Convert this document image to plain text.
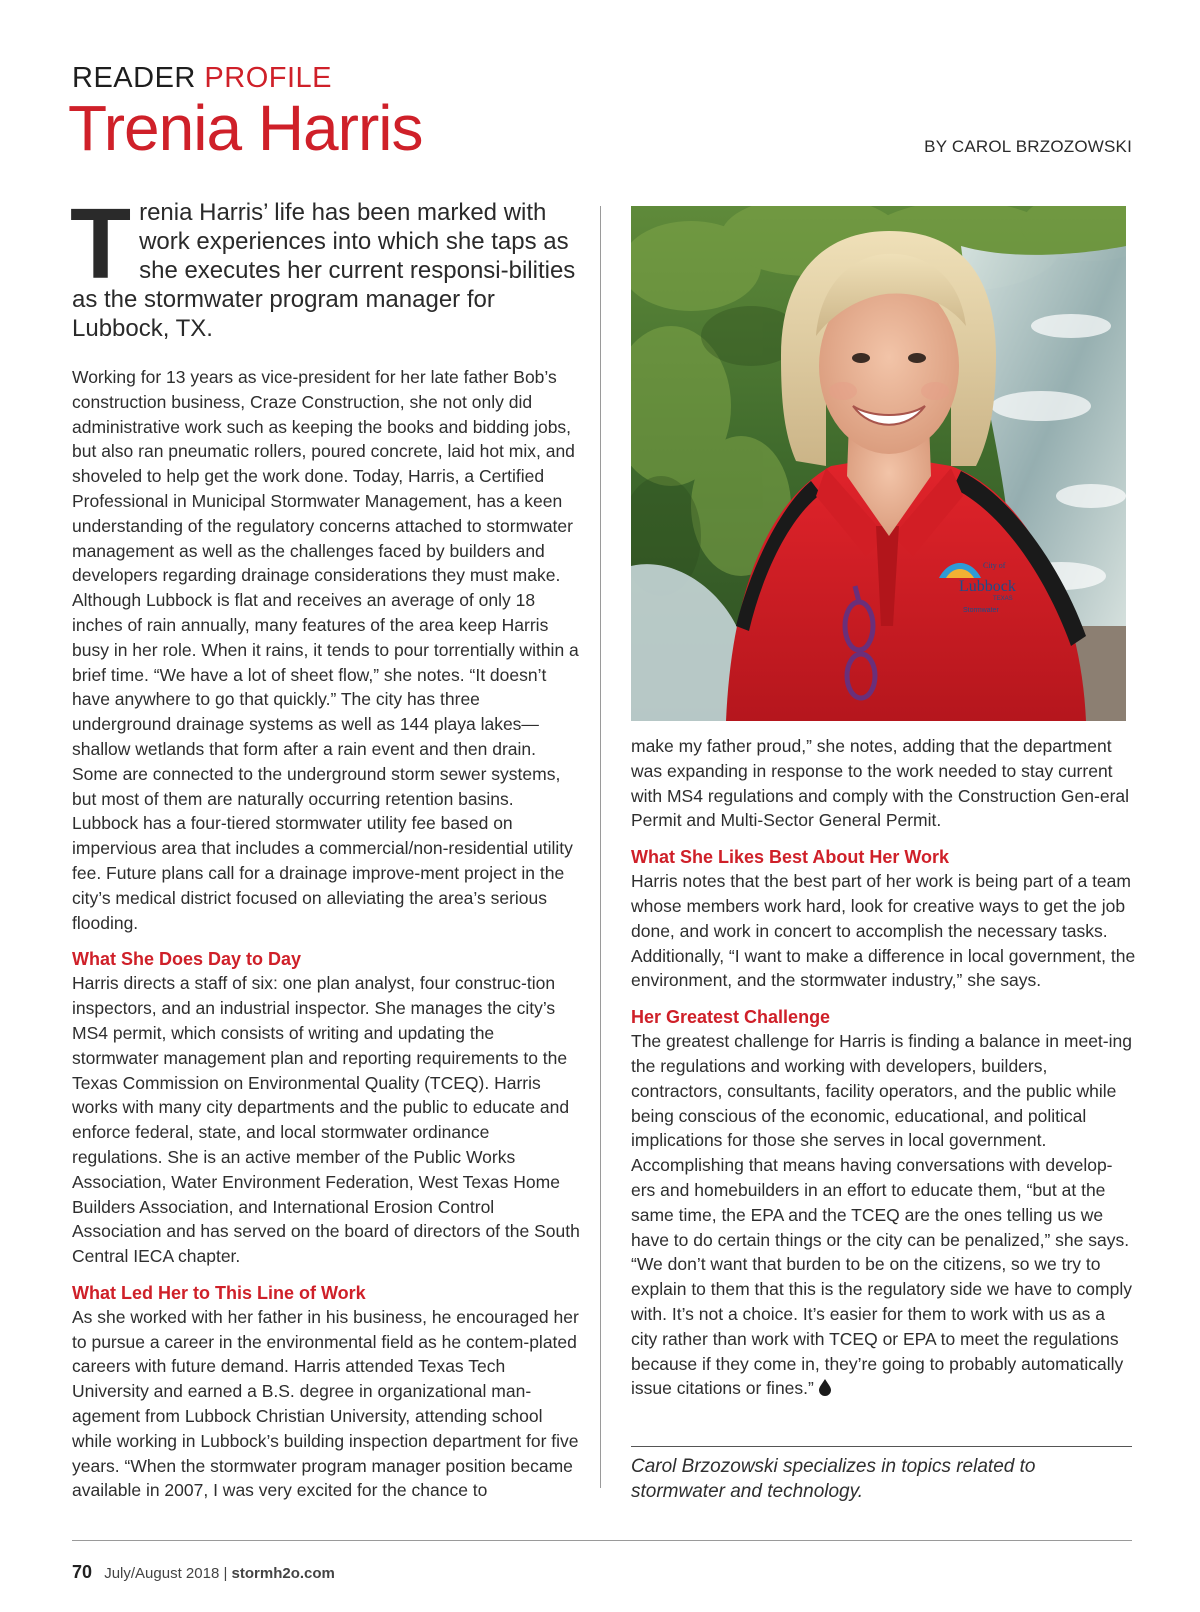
READER PROFILE
Trenia Harris	BY CAROL BRZOZOWSKI

Trenia Harris’ life has been marked with work experiences into which she taps as she executes her current responsi-bilities as the stormwater program manager for Lubbock, TX.

Working for 13 years as vice-president for her late father Bob’s construction business, Craze Construction, she not only did administrative work such as keeping the books and bidding jobs, but also ran pneumatic rollers, poured concrete, laid hot mix, and shoveled to help get the work done. Today, Harris, a Certified Professional in Municipal Stormwater Management, has a keen understanding of the regulatory concerns attached to stormwater management as well as the challenges faced by builders and developers regarding drainage considerations they must make. Although Lubbock is flat and receives an average of only 18 inches of rain annually, many features of the area keep Harris busy in her role. When it rains, it tends to pour torrentially within a brief time. “We have a lot of sheet flow,” she notes. “It doesn’t have anywhere to go that quickly.” The city has three underground drainage systems as well as 144 playa lakes—shallow wetlands that form after a rain event and then drain. Some are connected to the underground storm sewer systems, but most of them are naturally occurring retention basins. Lubbock has a four-tiered stormwater utility fee based on impervious area that includes a commercial/non-residential utility fee. Future plans call for a drainage improve-ment project in the city’s medical district focused on alleviating the area’s serious flooding.

What She Does Day to Day

Harris directs a staff of six: one plan analyst, four construc-tion inspectors, and an industrial inspector. She manages the city’s MS4 permit, which consists of writing and updating the stormwater management plan and reporting requirements to the Texas Commission on Environmental Quality (TCEQ). Harris works with many city departments and the public to educate and enforce federal, state, and local stormwater ordinance regulations. She is an active member of the Public Works Association, Water Environment Federation, West Texas Home Builders Association, and International Erosion Control Association and has served on the board of directors of the South Central IECA chapter.

What Led Her to This Line of Work

As she worked with her father in his business, he encouraged her to pursue a career in the environmental field as he contem-plated careers with future demand. Harris attended Texas Tech University and earned a B.S. degree in organizational man-agement from Lubbock Christian University, attending school while working in Lubbock’s building inspection department for five years. “When the stormwater program manager position became available in 2007, I was very excited for the chance to

City of
Lubbock
TEXAS
Stormwater

make my father proud,” she notes, adding that the department was expanding in response to the work needed to stay current with MS4 regulations and comply with the Construction Gen-eral Permit and Multi-Sector General Permit.

What She Likes Best About Her Work

Harris notes that the best part of her work is being part of a team whose members work hard, look for creative ways to get the job done, and work in concert to accomplish the necessary tasks. Additionally, “I want to make a difference in local government, the environment, and the stormwater industry,” she says.

Her Greatest Challenge

The greatest challenge for Harris is finding a balance in meet-ing the regulations and working with developers, builders, contractors, consultants, facility operators, and the public while being conscious of the economic, educational, and political implications for those she serves in local government. Accomplishing that means having conversations with develop-ers and homebuilders in an effort to educate them, “but at the same time, the EPA and the TCEQ are the ones telling us we have to do certain things or the city can be penalized,” she says. “We don’t want that burden to be on the citizens, so we try to explain to them that this is the regulatory side we have to comply with. It’s not a choice. It’s easier for them to work with us as a city rather than work with TCEQ or EPA to meet the regulations because if they come in, they’re going to probably automatically issue citations or fines.”

Carol Brzozowski specializes in topics related to stormwater and technology.

70 July/August 2018 | stormh2o.com
